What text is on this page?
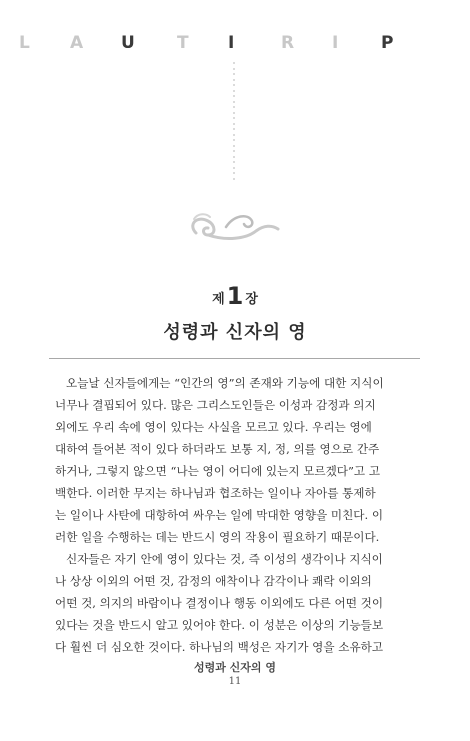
L A U T I	R I	P
제1 장
성령과 신자의 영

오늘날 신자들에게는 “인간의 영”의 존재와 기능에 대한 지식이
너무나 결핍되어 있다. 많은 그리스도인들은 이성과 감정과 의지
외에도 우리 속에 영이 있다는 사실을 모르고 있다. 우리는 영에
대하여 들어본 적이 있다 하더라도 보통 지, 정, 의를 영으로 간주
하거나, 그렇지 않으면 “나는 영이 어디에 있는지 모르겠다”고 고
백한다. 이러한 무지는 하나님과 협조하는 일이나 자아를 통제하
는 일이나 사탄에 대항하여 싸우는 일에 막대한 영향을 미친다. 이
러한 일을 수행하는 데는 반드시 영의 작용이 필요하기 때문이다.

신자들은 자기 안에 영이 있다는 것, 즉 이성의 생각이나 지식이
나 상상 이외의 어떤 것, 감정의 애착이나 감각이나 쾌락 이외의
어떤 것, 의지의 바람이나 결정이나 행동 이외에도 다른 어떤 것이
있다는 것을 반드시 알고 있어야 한다. 이 성분은 이상의 기능들보
다 훨씬 더 심오한 것이다. 하나님의 백성은 자기가 영을 소유하고

성령과 신자의 영
11
